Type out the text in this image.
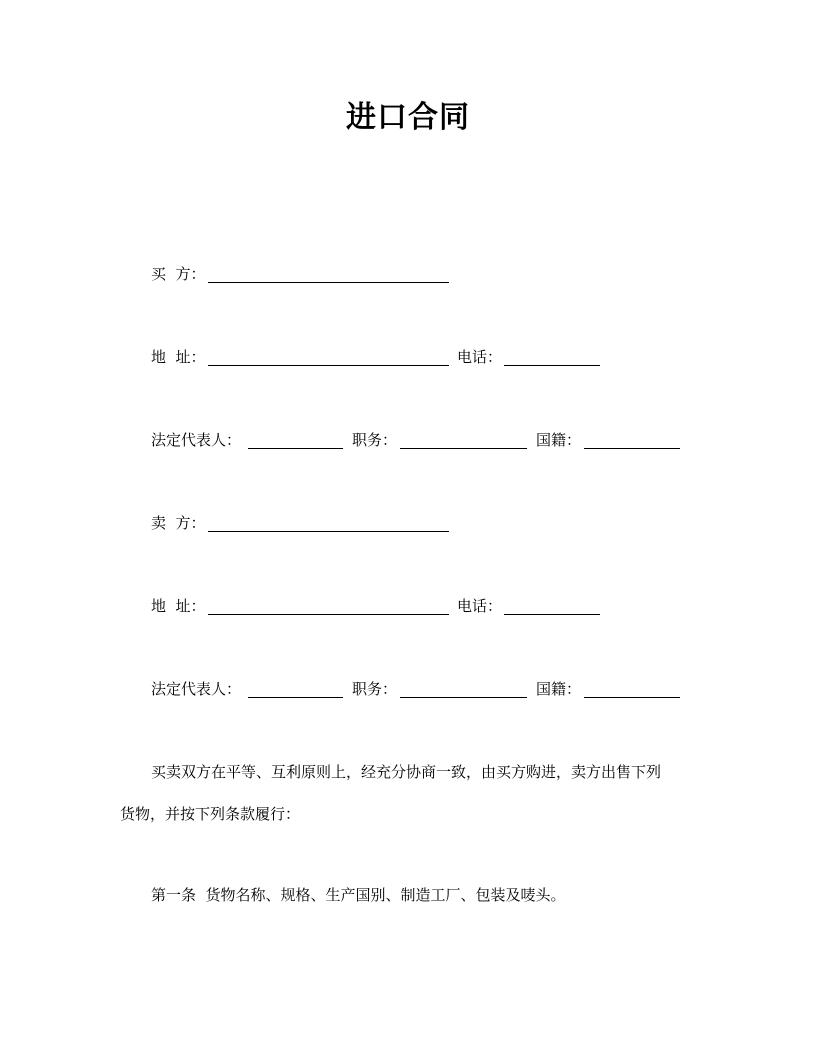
进口合同
买  方：
地  址：	电话：
法定代表人：	职务：	国籍：
卖  方：
地  址：	电话：
法定代表人：	职务：	国籍：
买卖双方在平等、互利原则上，经充分协商一致，由买方购进，卖方出售下列
货物，并按下列条款履行：
第一条  货物名称、规格、生产国别、制造工厂、包装及唛头。
